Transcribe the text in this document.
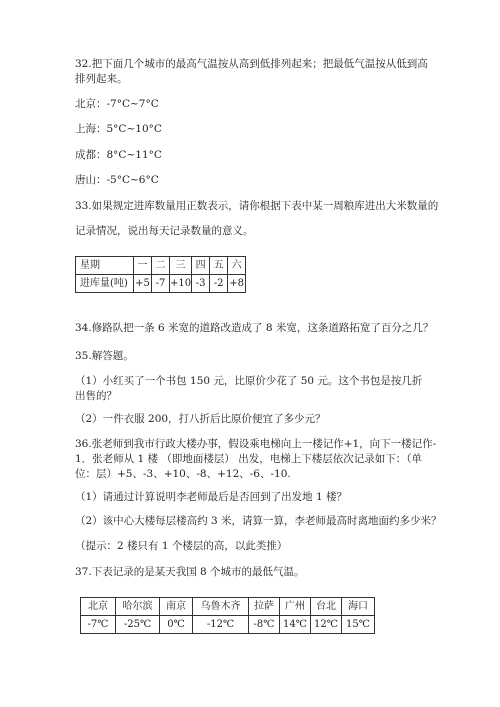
32.把下面几个城市的最高气温按从高到低排列起来；把最低气温按从低到高排列起来。
北京：-7°C~7°C
上海：5°C~10°C
成都：8°C~11°C
唐山：-5°C~6°C
33.如果规定进库数量用正数表示，请你根据下表中某一周粮库进出大米数量的
记录情况，说出每天记录数量的意义。
星期	一	二	三	四	五	六
进库量(吨)	+5	-7	+10	-3	-2	+8
34.修路队把一条 6 米宽的道路改造成了 8 米宽，这条道路拓宽了百分之几？
35.解答题。
（1）小红买了一个书包 150 元，比原价少花了 50 元。这个书包是按几折出售的？
（2）一件衣服 200，打八折后比原价便宜了多少元？
36.张老师到我市行政大楼办事，假设乘电梯向上一楼记作+1，向下一楼记作-
1．张老师从 1 楼 （即地面楼层） 出发，电梯上下楼层依次记录如下：（单
位：层）+5、-3、+10、-8、+12、-6、-10.
（1）请通过计算说明李老师最后是否回到了出发地 1 楼？
（2）该中心大楼每层楼高约 3 米，请算一算，李老师最高时离地面约多少米？
（提示：2 楼只有 1 个楼层的高，以此类推）
37.下表记录的是某天我国 8 个城市的最低气温。
北京	哈尔滨	南京	乌鲁木齐	拉萨	广州	台北	海口
-7℃	-25℃	0℃	-12℃	-8℃	14℃	12℃	15℃
